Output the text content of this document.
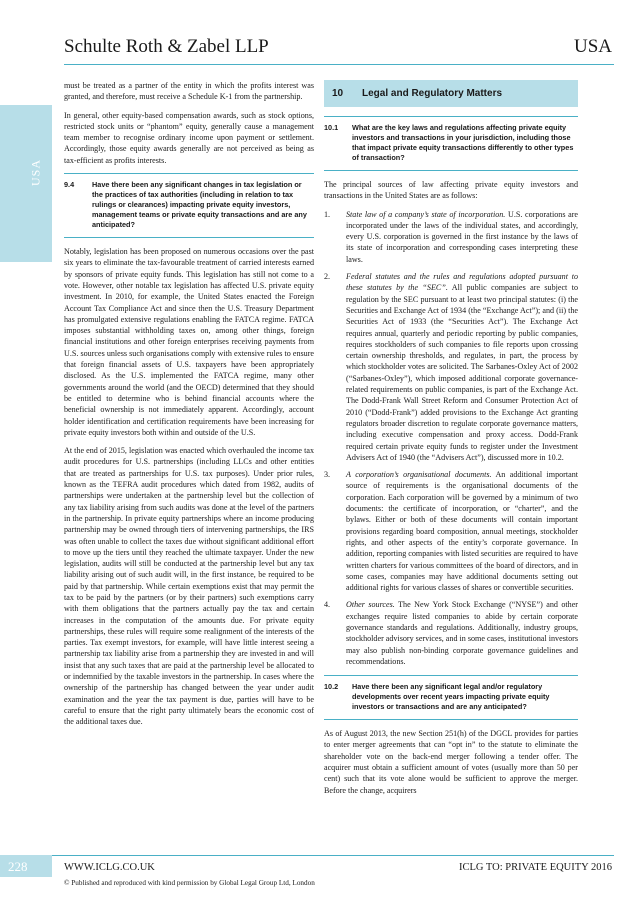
Schulte Roth & Zabel LLP	USA
USA

must be treated as a partner of the entity in which the profits interest was granted, and therefore, must receive a Schedule K-1 from the partnership.

In general, other equity-based compensation awards, such as stock options, restricted stock units or “phantom” equity, generally cause a management team member to recognise ordinary income upon payment or settlement. Accordingly, those equity awards generally are not perceived as being as tax-efficient as profits interests.

9.4	Have there been any significant changes in tax legislation or the practices of tax authorities (including in relation to tax rulings or clearances) impacting private equity investors, management teams or private equity transactions and are any anticipated?

Notably, legislation has been proposed on numerous occasions over the past six years to eliminate the tax-favourable treatment of carried interests earned by sponsors of private equity funds. This legislation has still not come to a vote. However, other notable tax legislation has affected U.S. private equity investment. In 2010, for example, the United States enacted the Foreign Account Tax Compliance Act and since then the U.S. Treasury Department has promulgated extensive regulations enabling the FATCA regime. FATCA imposes substantial withholding taxes on, among other things, foreign financial institutions and other foreign enterprises receiving payments from U.S. sources unless such organisations comply with extensive rules to ensure that foreign financial assets of U.S. taxpayers have been appropriately disclosed. As the U.S. implemented the FATCA regime, many other governments around the world (and the OECD) determined that they should be entitled to determine who is behind financial accounts where the beneficial ownership is not immediately apparent. Accordingly, account holder identification and certification requirements have been increasing for private equity investors both within and outside of the U.S.

At the end of 2015, legislation was enacted which overhauled the income tax audit procedures for U.S. partnerships (including LLCs and other entities that are treated as partnerships for U.S. tax purposes). Under prior rules, known as the TEFRA audit procedures which dated from 1982, audits of partnerships were undertaken at the partnership level but the collection of any tax liability arising from such audits was done at the level of the partners in the partnership. In private equity partnerships where an income producing partnership may be owned through tiers of intervening partnerships, the IRS was often unable to collect the taxes due without significant additional effort to move up the tiers until they reached the ultimate taxpayer. Under the new legislation, audits will still be conducted at the partnership level but any tax liability arising out of such audit will, in the first instance, be required to be paid by that partnership. While certain exemptions exist that may permit the tax to be paid by the partners (or by their partners) such exemptions carry with them obligations that the partners actually pay the tax and certain increases in the computation of the amounts due. For private equity partnerships, these rules will require some realignment of the interests of the parties. Tax exempt investors, for example, will have little interest seeing a partnership tax liability arise from a partnership they are invested in and will insist that any such taxes that are paid at the partnership level be allocated to or indemnified by the taxable investors in the partnership. In cases where the ownership of the partnership has changed between the year under audit examination and the year the tax payment is due, parties will have to be careful to ensure that the right party ultimately bears the economic cost of the additional taxes due.

10	Legal and Regulatory Matters
10.1	What are the key laws and regulations affecting private equity investors and transactions in your jurisdiction, including those that impact private equity transactions differently to other types of transaction?

The principal sources of law affecting private equity investors and transactions in the United States are as follows:

1.	State law of a company’s state of incorporation. U.S. corporations are incorporated under the laws of the individual states, and accordingly, every U.S. corporation is governed in the first instance by the laws of its state of incorporation and corresponding cases interpreting these laws.
2.	Federal statutes and the rules and regulations adopted pursuant to these statutes by the “SEC”. All public companies are subject to regulation by the SEC pursuant to at least two principal statutes: (i) the Securities and Exchange Act of 1934 (the “Exchange Act”); and (ii) the Securities Act of 1933 (the “Securities Act”). The Exchange Act requires annual, quarterly and periodic reporting by public companies, requires stockholders of such companies to file reports upon crossing certain ownership thresholds, and regulates, in part, the process by which stockholder votes are solicited. The Sarbanes-Oxley Act of 2002 (“Sarbanes-Oxley”), which imposed additional corporate governance-related requirements on public companies, is part of the Exchange Act. The Dodd-Frank Wall Street Reform and Consumer Protection Act of 2010 (“Dodd-Frank”) added provisions to the Exchange Act granting regulators broader discretion to regulate corporate governance matters, including executive compensation and proxy access. Dodd-Frank required certain private equity funds to register under the Investment Advisers Act of 1940 (the “Advisers Act”), discussed more in 10.2.
3.	A corporation’s organisational documents. An additional important source of requirements is the organisational documents of the corporation. Each corporation will be governed by a minimum of two documents: the certificate of incorporation, or “charter”, and the bylaws. Either or both of these documents will contain important provisions regarding board composition, annual meetings, stockholder rights, and other aspects of the entity’s corporate governance. In addition, reporting companies with listed securities are required to have written charters for various committees of the board of directors, and in some cases, companies may have additional documents setting out additional rights for various classes of shares or convertible securities.
4.	Other sources. The New York Stock Exchange (“NYSE”) and other exchanges require listed companies to abide by certain corporate governance standards and regulations. Additionally, industry groups, stockholder advisory services, and in some cases, institutional investors may also publish non-binding corporate governance guidelines and recommendations.
10.2	Have there been any significant legal and/or regulatory developments over recent years impacting private equity investors or transactions and are any anticipated?

As of August 2013, the new Section 251(h) of the DGCL provides for parties to enter merger agreements that can “opt in” to the statute to eliminate the shareholder vote on the back-end merger following a tender offer. The acquirer must obtain a sufficient amount of votes (usually more than 50 per cent) such that its vote alone would be sufficient to approve the merger. Before the change, acquirers

228	WWW.ICLG.CO.UK	ICLG TO: PRIVATE EQUITY 2016
© Published and reproduced with kind permission by Global Legal Group Ltd, London
